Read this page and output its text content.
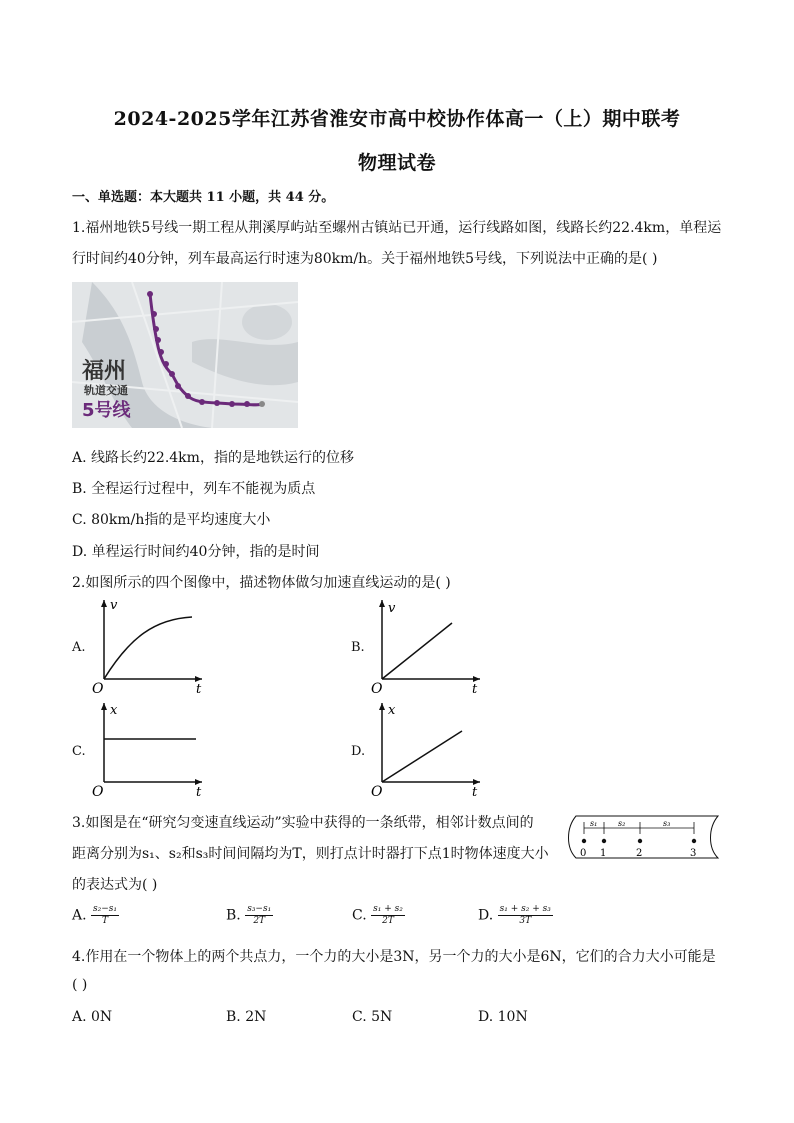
2024-2025学年江苏省淮安市高中校协作体高一（上）期中联考
物理试卷
一、单选题：本大题共 11 小题，共 44 分。
1.福州地铁5号线一期工程从荆溪厚屿站至螺州古镇站已开通，运行线路如图，线路长约22.4km，单程运
行时间约40分钟，列车最高运行时速为80km/h。关于福州地铁5号线，下列说法中正确的是( )
福州
轨道交通
5号线
A. 线路长约22.4km，指的是地铁运行的位移
B. 全程运行过程中，列车不能视为质点
C. 80km/h指的是平均速度大小
D. 单程运行时间约40分钟，指的是时间
2.如图所示的四个图像中，描述物体做匀加速直线运动的是( )
A.
v
t
O
B.
v
t
O
C.
x
t
O
D.
x
t
O
3.如图是在“研究匀变速直线运动”实验中获得的一条纸带，相邻计数点间的
距离分别为s₁、s₂和s₃时间间隔均为T，则打点计时器打下点1时物体速度大小
的表达式为( )
s₁	s₂	s₃
0 1	2	3
A. $\frac{\text{s₂−s₁}}{T}$	B. $\frac{\text{s₃−s₁}}{2T}$	C. $\frac{\text{s₁ + s₂}}{2T}$	D. $\frac{\text{s₁ + s₂ + s₃}}{3T}$
4.作用在一个物体上的两个共点力，一个力的大小是3N，另一个力的大小是6N，它们的合力大小可能是
( )
A. 0N	B. 2N	C. 5N	D. 10N
